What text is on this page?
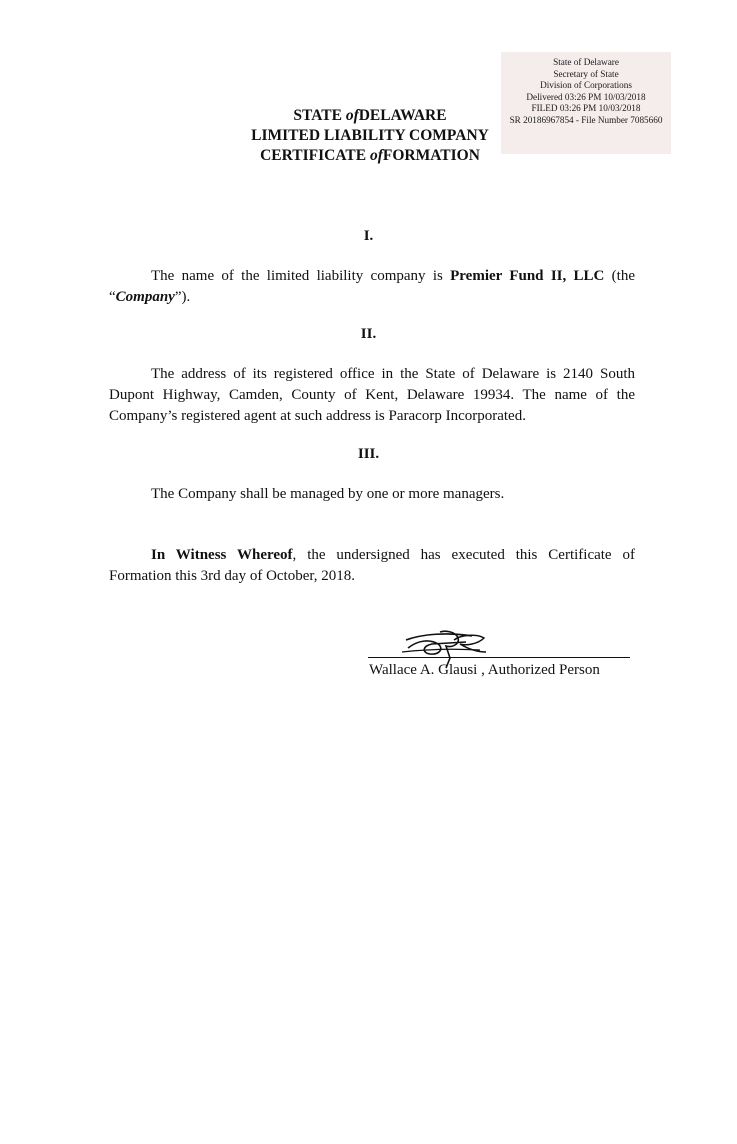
State of Delaware
Secretary of State
Division of Corporations
Delivered 03:26 PM 10/03/2018
FILED 03:26 PM 10/03/2018
SR 20186967854 - File Number 7085660
STATE ofDELAWARE
LIMITED LIABILITY COMPANY
CERTIFICATE ofFORMATION
I.
The name of the limited liability company is Premier Fund II, LLC (the “Company”).
II.
The address of its registered office in the State of Delaware is 2140 South Dupont Highway, Camden, County of Kent, Delaware 19934. The name of the Company’s registered agent at such address is Paracorp Incorporated.
III.
The Company shall be managed by one or more managers.
In Witness Whereof, the undersigned has executed this Certificate of Formation this 3rd day of October, 2018.
Wallace A. Glausi , Authorized Person
